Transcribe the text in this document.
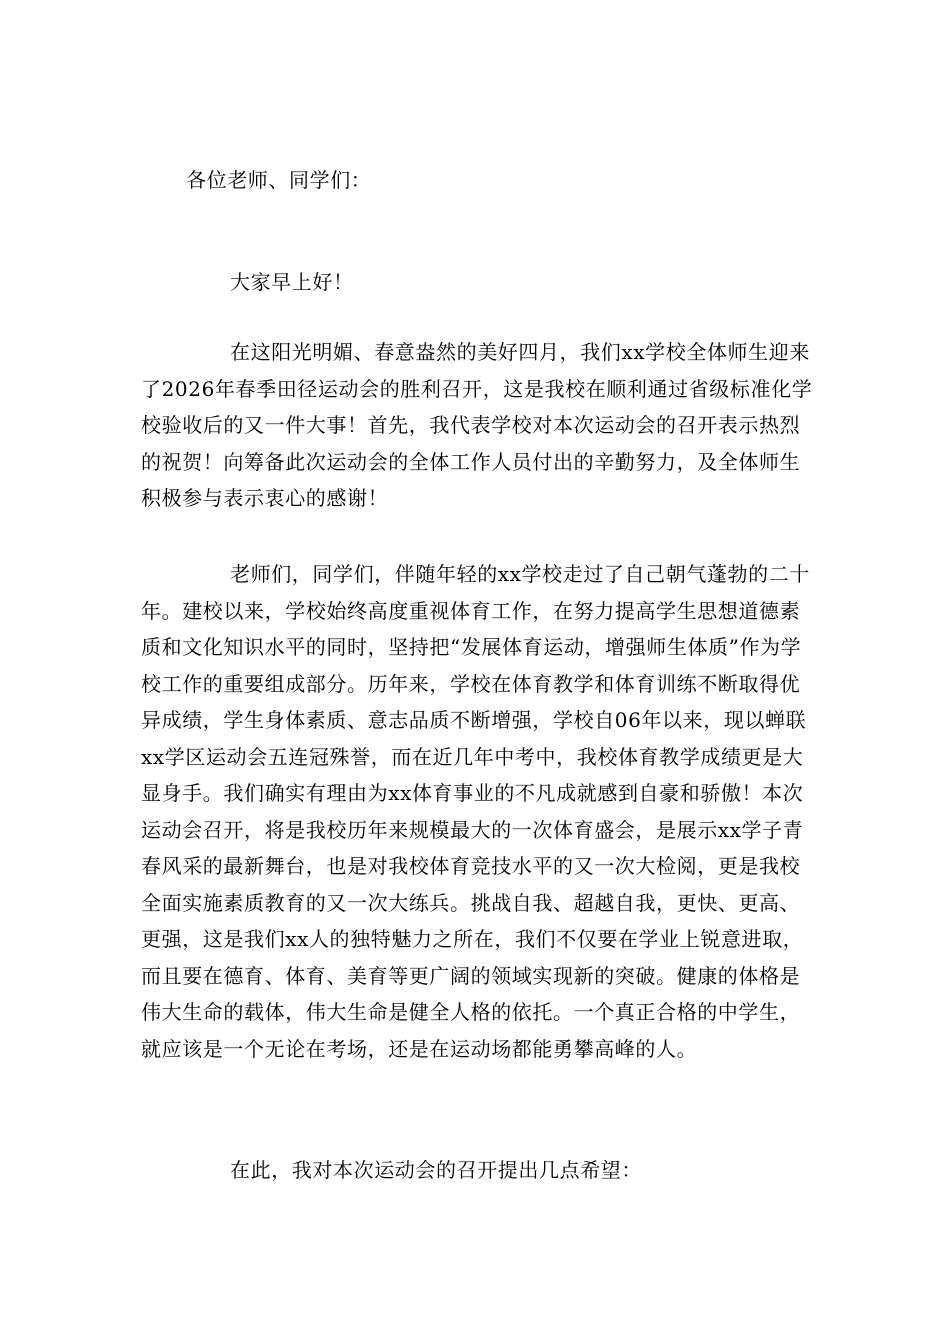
各位老师、同学们：
大家早上好！
在这阳光明媚、春意盎然的美好四月，我们xx学校全体师生迎来了2026年春季田径运动会的胜利召开，这是我校在顺利通过省级标准化学校验收后的又一件大事！首先，我代表学校对本次运动会的召开表示热烈的祝贺！向筹备此次运动会的全体工作人员付出的辛勤努力，及全体师生积极参与表示衷心的感谢！
老师们，同学们，伴随年轻的xx学校走过了自己朝气蓬勃的二十年。建校以来，学校始终高度重视体育工作，在努力提高学生思想道德素质和文化知识水平的同时，坚持把“发展体育运动，增强师生体质”作为学校工作的重要组成部分。历年来，学校在体育教学和体育训练不断取得优异成绩，学生身体素质、意志品质不断增强，学校自06年以来，现以蝉联xx学区运动会五连冠殊誉，而在近几年中考中，我校体育教学成绩更是大显身手。我们确实有理由为xx体育事业的不凡成就感到自豪和骄傲！本次运动会召开，将是我校历年来规模最大的一次体育盛会，是展示xx学子青春风采的最新舞台，也是对我校体育竞技水平的又一次大检阅，更是我校全面实施素质教育的又一次大练兵。挑战自我、超越自我，更快、更高、更强，这是我们xx人的独特魅力之所在，我们不仅要在学业上锐意进取，而且要在德育、体育、美育等更广阔的领域实现新的突破。健康的体格是伟大生命的载体，伟大生命是健全人格的依托。一个真正合格的中学生，就应该是一个无论在考场，还是在运动场都能勇攀高峰的人。
在此，我对本次运动会的召开提出几点希望：
